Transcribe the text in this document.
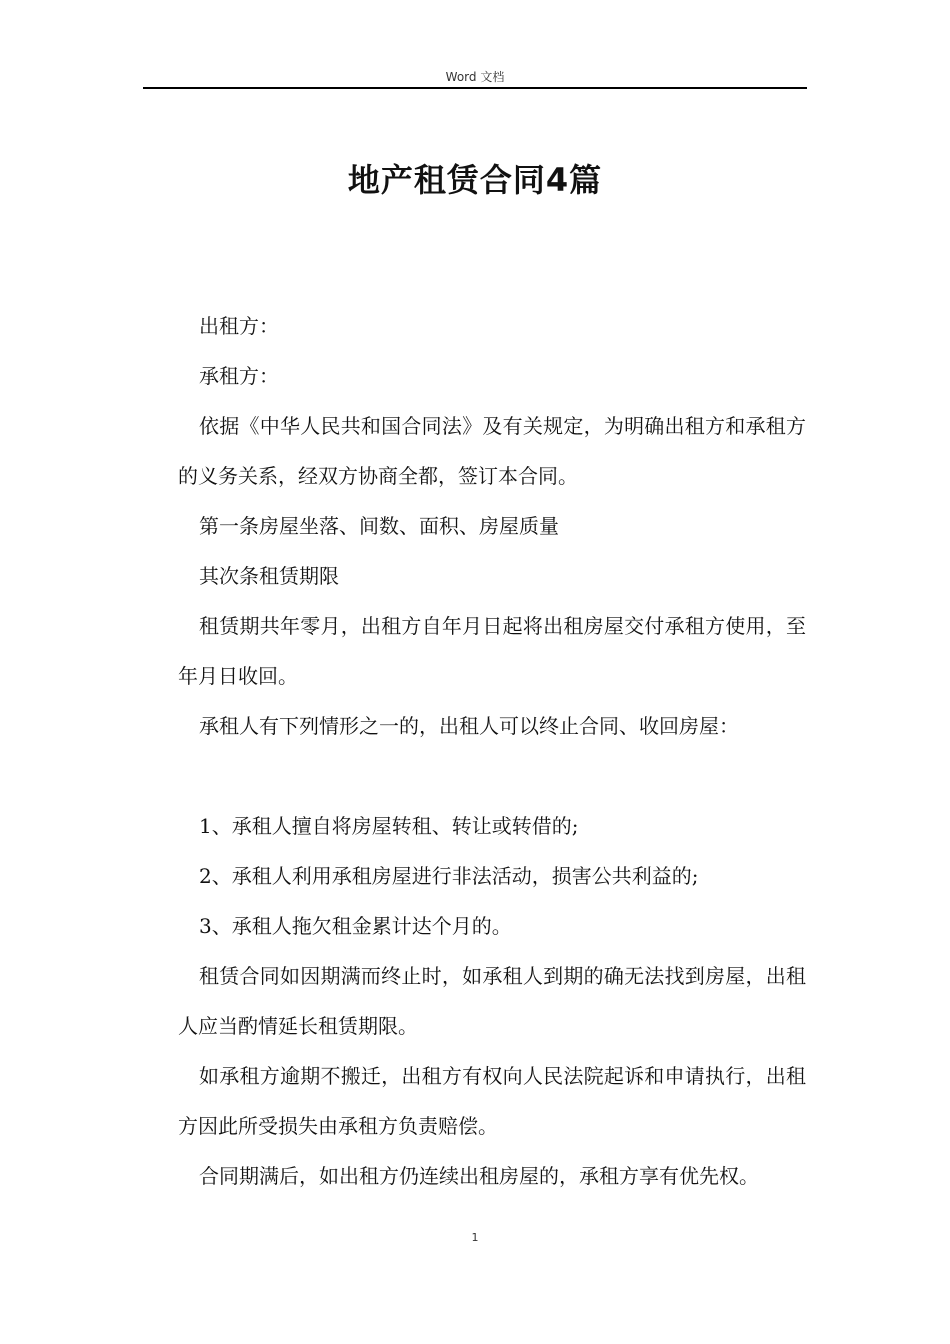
Word 文档
地产租赁合同4篇

出租方：

承租方：

依据《中华人民共和国合同法》及有关规定，为明确出租方和承租方的义务关系，经双方协商全都，签订本合同。

第一条房屋坐落、间数、面积、房屋质量

其次条租赁期限

租赁期共年零月，出租方自年月日起将出租房屋交付承租方使用，至年月日收回。

承租人有下列情形之一的，出租人可以终止合同、收回房屋：

1、承租人擅自将房屋转租、转让或转借的;

2、承租人利用承租房屋进行非法活动，损害公共利益的;

3、承租人拖欠租金累计达个月的。

租赁合同如因期满而终止时，如承租人到期的确无法找到房屋，出租人应当酌情延长租赁期限。

如承租方逾期不搬迁，出租方有权向人民法院起诉和申请执行，出租方因此所受损失由承租方负责赔偿。

合同期满后，如出租方仍连续出租房屋的，承租方享有优先权。

1
